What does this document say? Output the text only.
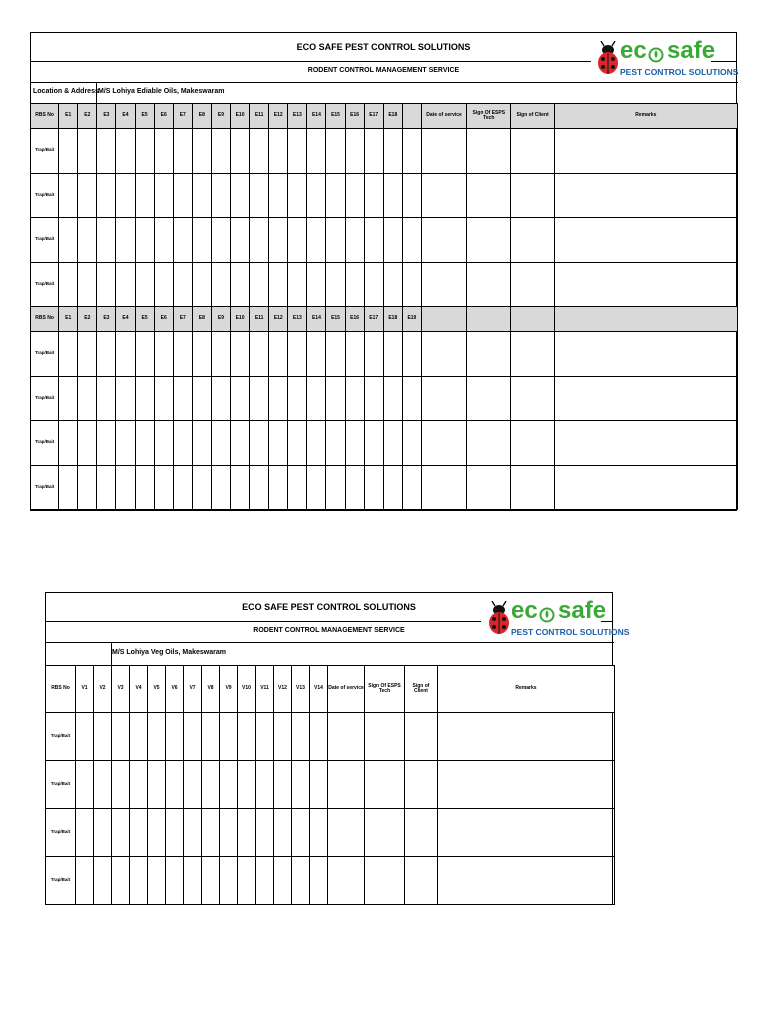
ECO SAFE PEST CONTROL SOLUTIONS
RODENT CONTROL MANAGEMENT SERVICE
Location & Address M/S Lohiya Ediable Oils, Makeswaram
ec safe
PEST CONTROL SOLUTIONS
RBS No	E1	E2	E3	E4	E5	E6	E7	E8	E9	E10	E11	E12	E13	E14	E15	E16	E17	E18		Date of service	Sign Of ESPS Tech	Sign of Client	Remarks
Trap/Bait																							
Trap/Bait																							
Trap/Bait																							
Trap/Bait																							
RBS No	E1	E2	E3	E4	E5	E6	E7	E8	E9	E10	E11	E12	E13	E14	E15	E16	E17	E18	E19				
Trap/Bait																							
Trap/Bait																							
Trap/Bait																							
Trap/Bait																							
ECO SAFE PEST CONTROL SOLUTIONS
RODENT CONTROL MANAGEMENT SERVICE
M/S Lohiya Veg Oils, Makeswaram
ec safe
PEST CONTROL SOLUTIONS
RBS No	V1	V2	V3	V4	V5	V6	V7	V8	V9	V10	V11	V12	V13	V14	Date of service	Sign Of ESPS Tech	Sign of Client	Remarks
Trap/Bait																		
Trap/Bait																		
Trap/Bait																		
Trap/Bait																		
